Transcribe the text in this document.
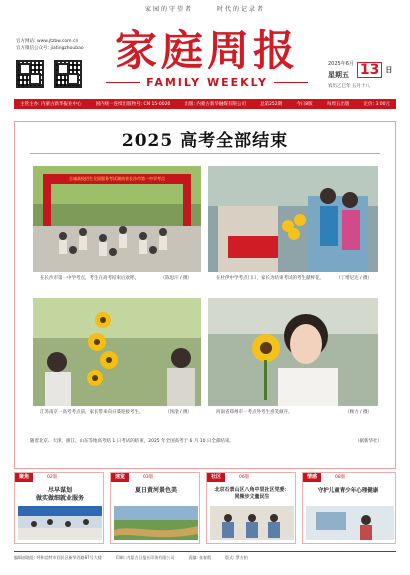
家园的守望者	时代的记录者
官方网站: www.jtzbw.com.cn
官方微信公众号: jiatingzhoubao 家庭周报
FAMILY WEEKLY
2025年6月
星期五 13 日
农历乙巳年 五月十八
主管主办: 内蒙古新华报业中心	国内统一连续出版物号: CN 15-0026	出版: 内蒙古新华融媒有限公司	总第252期	今日8版	每周五出版	定价: 3.00元
2025 高考全部结束
合诚高校招生全国服务考试湖南省长沙市第一中学考点
在长沙市第一中学考点，考生在高考结束后欢呼。	（陈思汗 / 摄）	在杜伊中学考点门口，家长为结束考试的考生献鲜花。	（丁增尼达 / 摄）
江苏南京一高考考点前，家长带来向日葵迎接考生。	（汤淦 / 摄）	河南省郑州市一考点外考生喜笑颜开。	（顾力 / 摄）
随着北京、天津、浙江、山东等地高考结 1 日考试的结束，2025 年全国高考于 6 月 10 日全部结束。	（据新华社）
聚焦	02版
尽早谋划
做实做细就业服务
速览	03版
夏日黄河景色美
社区	06版
北京石景山区八角中里社区党委：
同频步文量民生
情感	08版
守护儿童青少年心理健康
编辑部地址: 呼和浩特市回民区新华西路87号大楼	印刷: 内蒙古日报社印务有限公司	责编: 张春霞	版式: 罗方柏
